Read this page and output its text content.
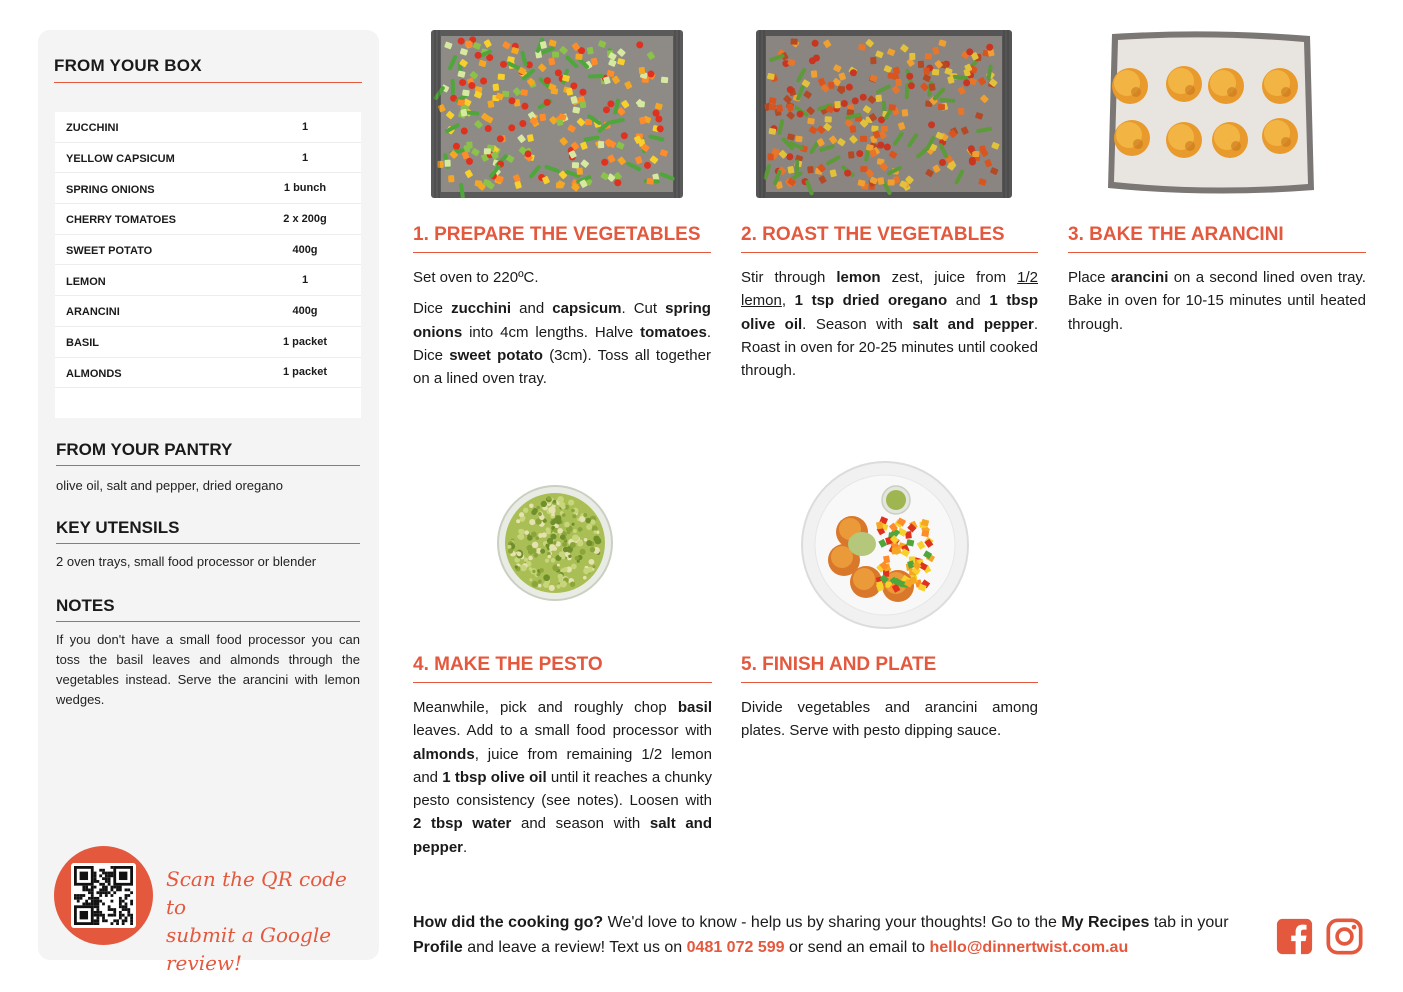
FROM YOUR BOX
ZUCCHINI	1
YELLOW CAPSICUM	1
SPRING ONIONS	1 bunch
CHERRY TOMATOES	2 x 200g
SWEET POTATO	400g
LEMON	1
ARANCINI	400g
BASIL	1 packet
ALMONDS	1 packet
FROM YOUR PANTRY
olive oil, salt and pepper, dried oregano
KEY UTENSILS
2 oven trays, small food processor or blender
NOTES
If you don't have a small food processor you can toss the basil leaves and almonds through the vegetables instead. Serve the arancini with lemon wedges.
Scan the QR code to
submit a Google review!
1. PREPARE THE VEGETABLES

Set oven to 220ºC.

Dice zucchini and capsicum. Cut spring onions into 4cm lengths. Halve tomatoes. Dice sweet potato (3cm). Toss all together on a lined oven tray.

2. ROAST THE VEGETABLES

Stir through lemon zest, juice from 1/2 lemon, 1 tsp dried oregano and 1 tbsp olive oil. Season with salt and pepper. Roast in oven for 20-25 minutes until cooked through.

3. BAKE THE ARANCINI

Place arancini on a second lined oven tray. Bake in oven for 10-15 minutes until heated through.

4. MAKE THE PESTO

Meanwhile, pick and roughly chop basil leaves. Add to a small food processor with almonds, juice from remaining 1/2 lemon and 1 tbsp olive oil until it reaches a chunky pesto consistency (see notes). Loosen with 2 tbsp water and season with salt and pepper.

5. FINISH AND PLATE

Divide vegetables and arancini among plates. Serve with pesto dipping sauce.

How did the cooking go? We'd love to know - help us by sharing your thoughts! Go to the My Recipes tab in your Profile and leave a review! Text us on 0481 072 599 or send an email to hello@dinnertwist.com.au
